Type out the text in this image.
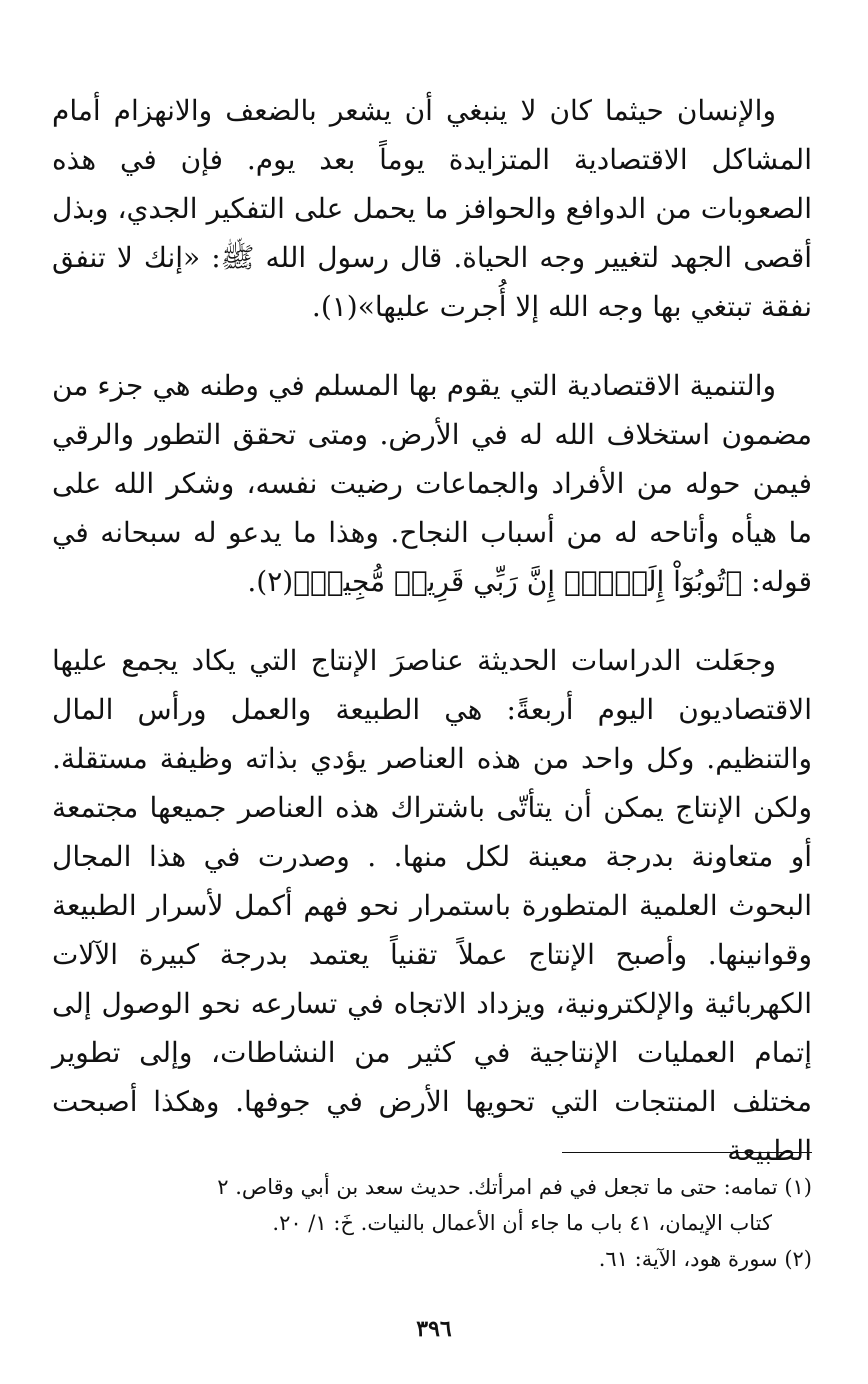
والإنسان حيثما كان لا ينبغي أن يشعر بالضعف والانهزام أمام المشاكل الاقتصادية المتزايدة يوماً بعد يوم. فإن في هذه الصعوبات من الدوافع والحوافز ما يحمل على التفكير الجدي، وبذل أقصى الجهد لتغيير وجه الحياة. قال رسول الله ﷺ: «إنك لا تنفق نفقة تبتغي بها وجه الله إلا أُجرت عليها»(١).

والتنمية الاقتصادية التي يقوم بها المسلم في وطنه هي جزء من مضمون استخلاف الله له في الأرض. ومتى تحقق التطور والرقي فيمن حوله من الأفراد والجماعات رضيت نفسه، وشكر الله على ما هيأه وأتاحه له من أسباب النجاح. وهذا ما يدعو له سبحانه في قوله: ﴿تُوبُوٓاْ إِلَيۡهِۚ إِنَّ رَبِّي قَرِيبٞ مُّجِيبٞ﴾(٢).

وجعَلت الدراسات الحديثة عناصرَ الإنتاج التي يكاد يجمع عليها الاقتصاديون اليوم أربعةً: هي الطبيعة والعمل ورأس المال والتنظيم. وكل واحد من هذه العناصر يؤدي بذاته وظيفة مستقلة. ولكن الإنتاج يمكن أن يتأتّى باشتراك هذه العناصر جميعها مجتمعة أو متعاونة بدرجة معينة لكل منها. . وصدرت في هذا المجال البحوث العلمية المتطورة باستمرار نحو فهم أكمل لأسرار الطبيعة وقوانينها. وأصبح الإنتاج عملاً تقنياً يعتمد بدرجة كبيرة الآلات الكهربائية والإلكترونية، ويزداد الاتجاه في تسارعه نحو الوصول إلى إتمام العمليات الإنتاجية في كثير من النشاطات، وإلى تطوير مختلف المنتجات التي تحويها الأرض في جوفها. وهكذا أصبحت الطبيعة

(١) تمامه: حتى ما تجعل في فم امرأتك. حديث سعد بن أبي وقاص. ٢
كتاب الإيمان، ٤١ باب ما جاء أن الأعمال بالنيات. خَ: ١/ ٢٠.

(٢) سورة هود، الآية: ٦١.

٣٩٦
